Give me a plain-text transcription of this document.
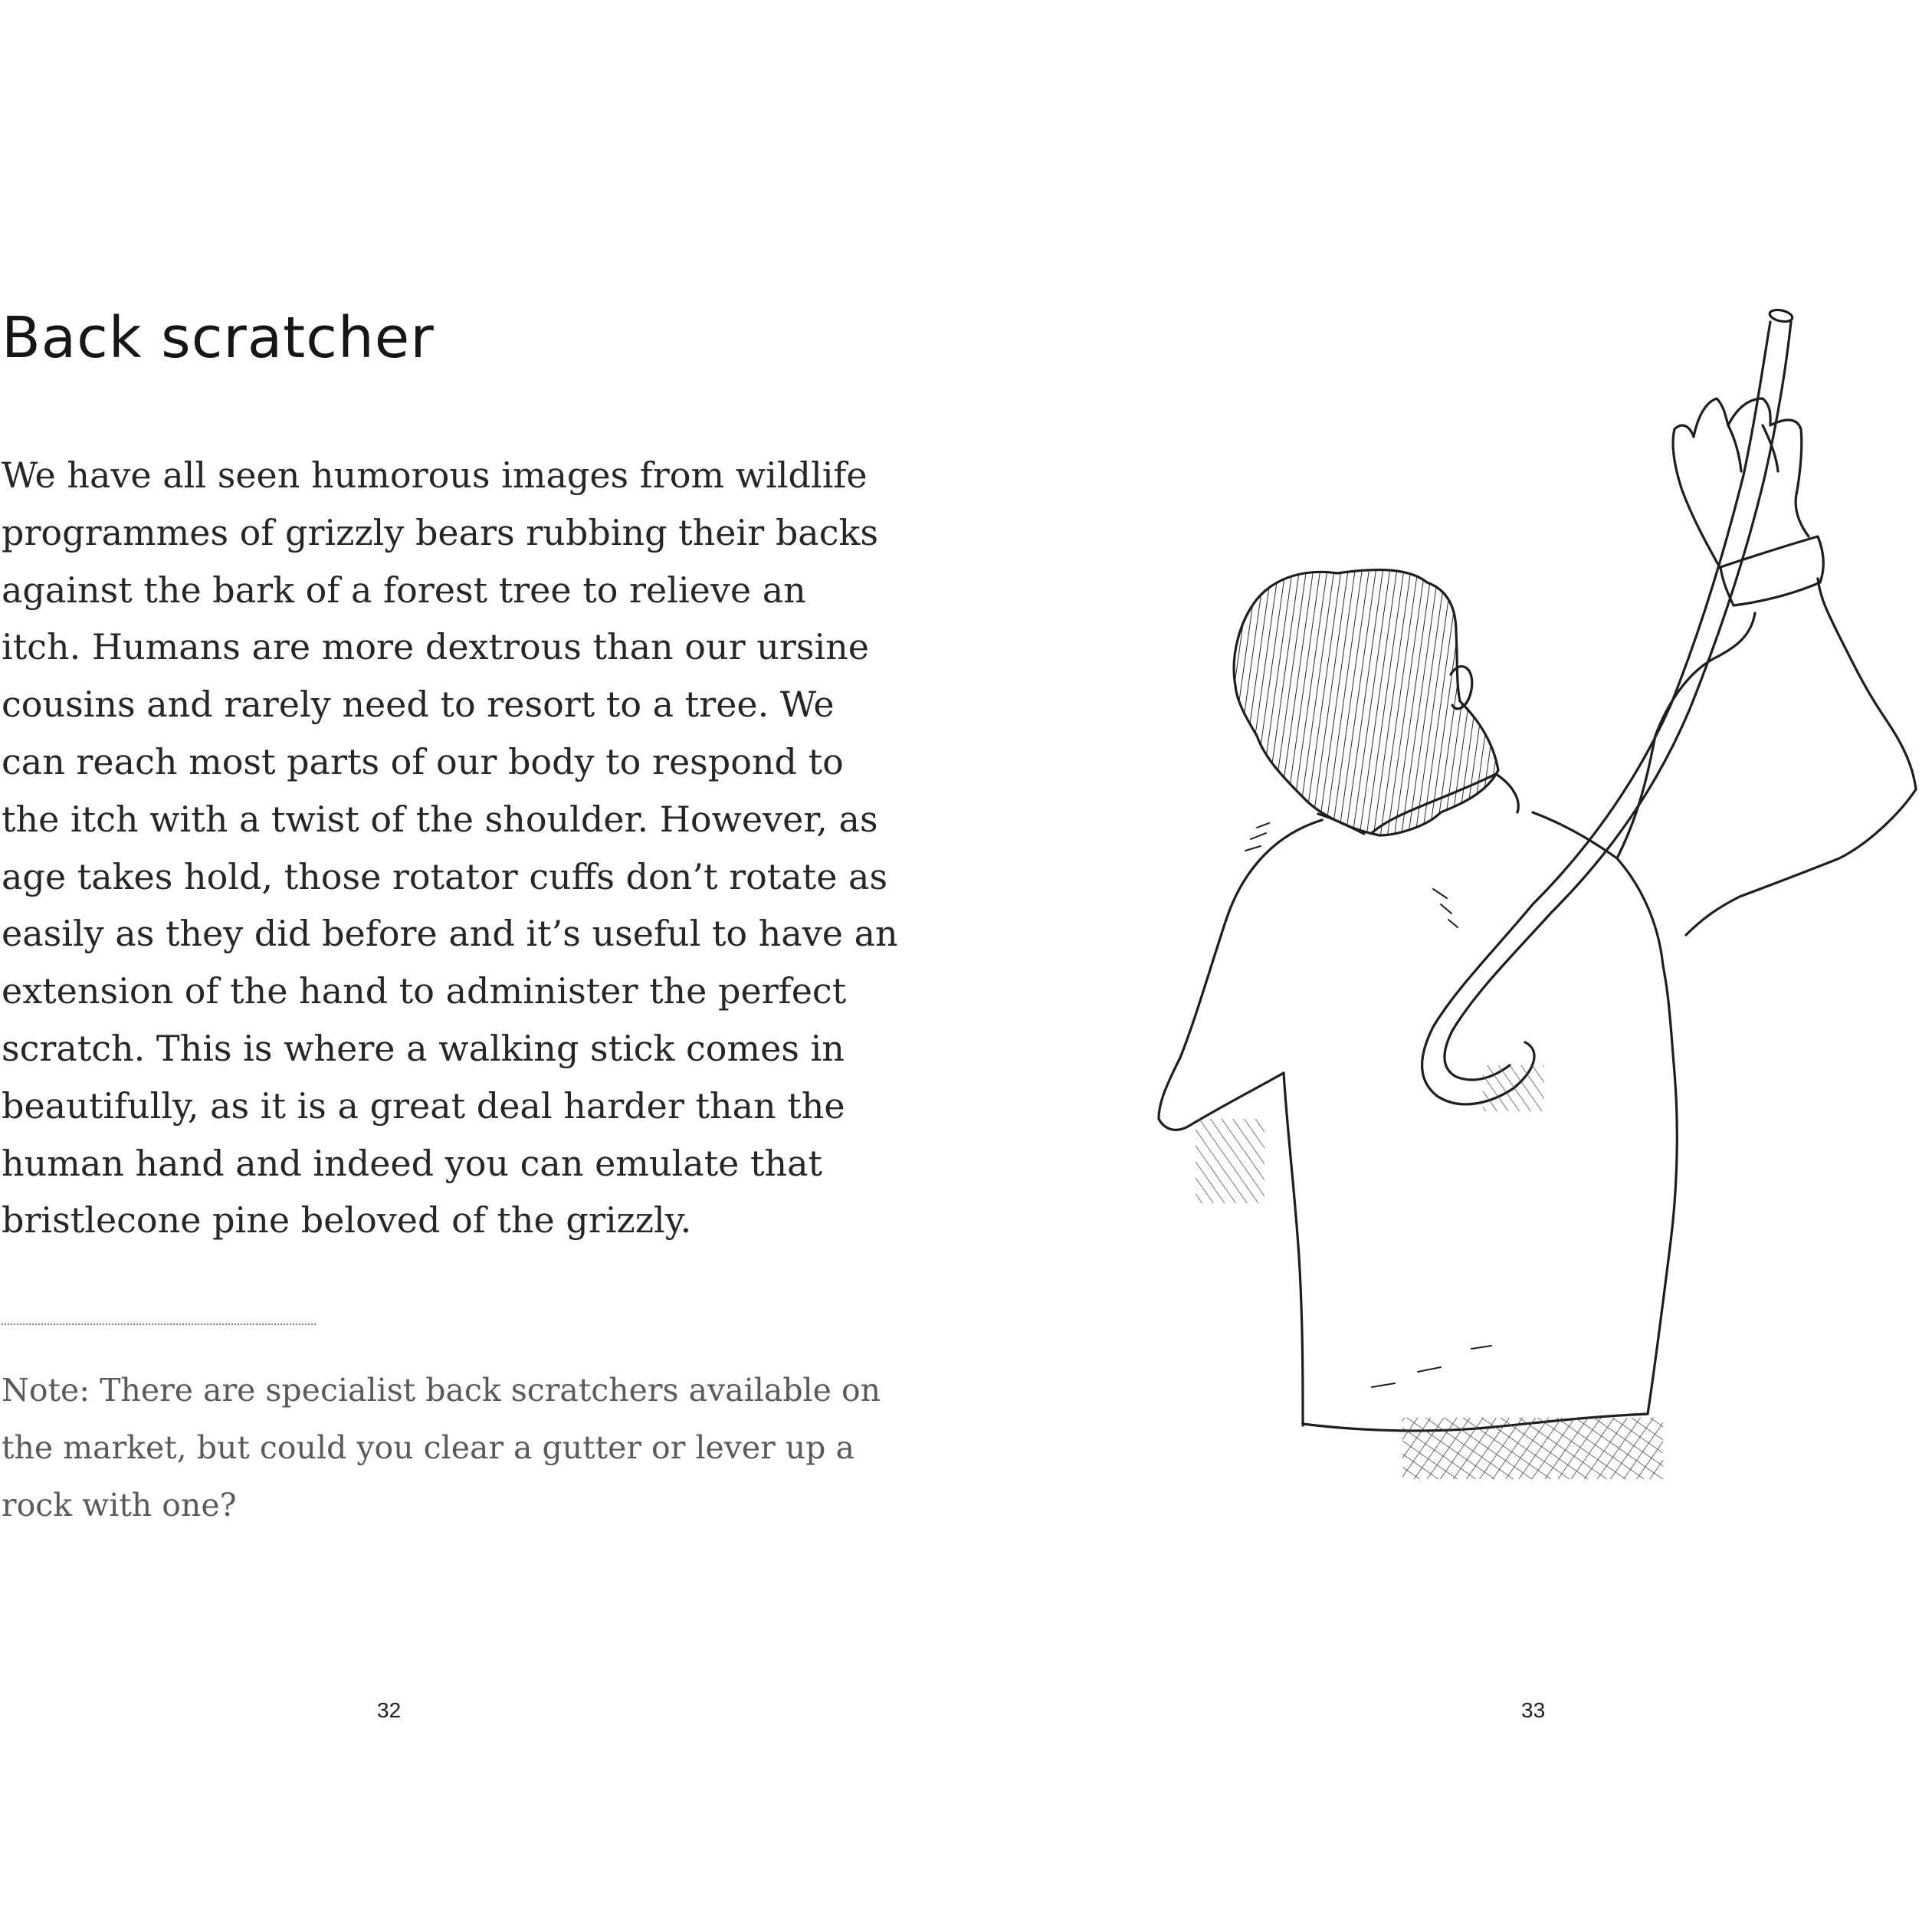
Back scratcher
We have all seen humorous images from wildlife
programmes of grizzly bears rubbing their backs
against the bark of a forest tree to relieve an
itch. Humans are more dextrous than our ursine
cousins and rarely need to resort to a tree. We
can reach most parts of our body to respond to
the itch with a twist of the shoulder. However, as
age takes hold, those rotator cuffs don’t rotate as
easily as they did before and it’s useful to have an
extension of the hand to administer the perfect
scratch. This is where a walking stick comes in
beautifully, as it is a great deal harder than the
human hand and indeed you can emulate that
bristlecone pine beloved of the grizzly.
Note: There are specialist back scratchers available on
the market, but could you clear a gutter or lever up a
rock with one?
32	33
